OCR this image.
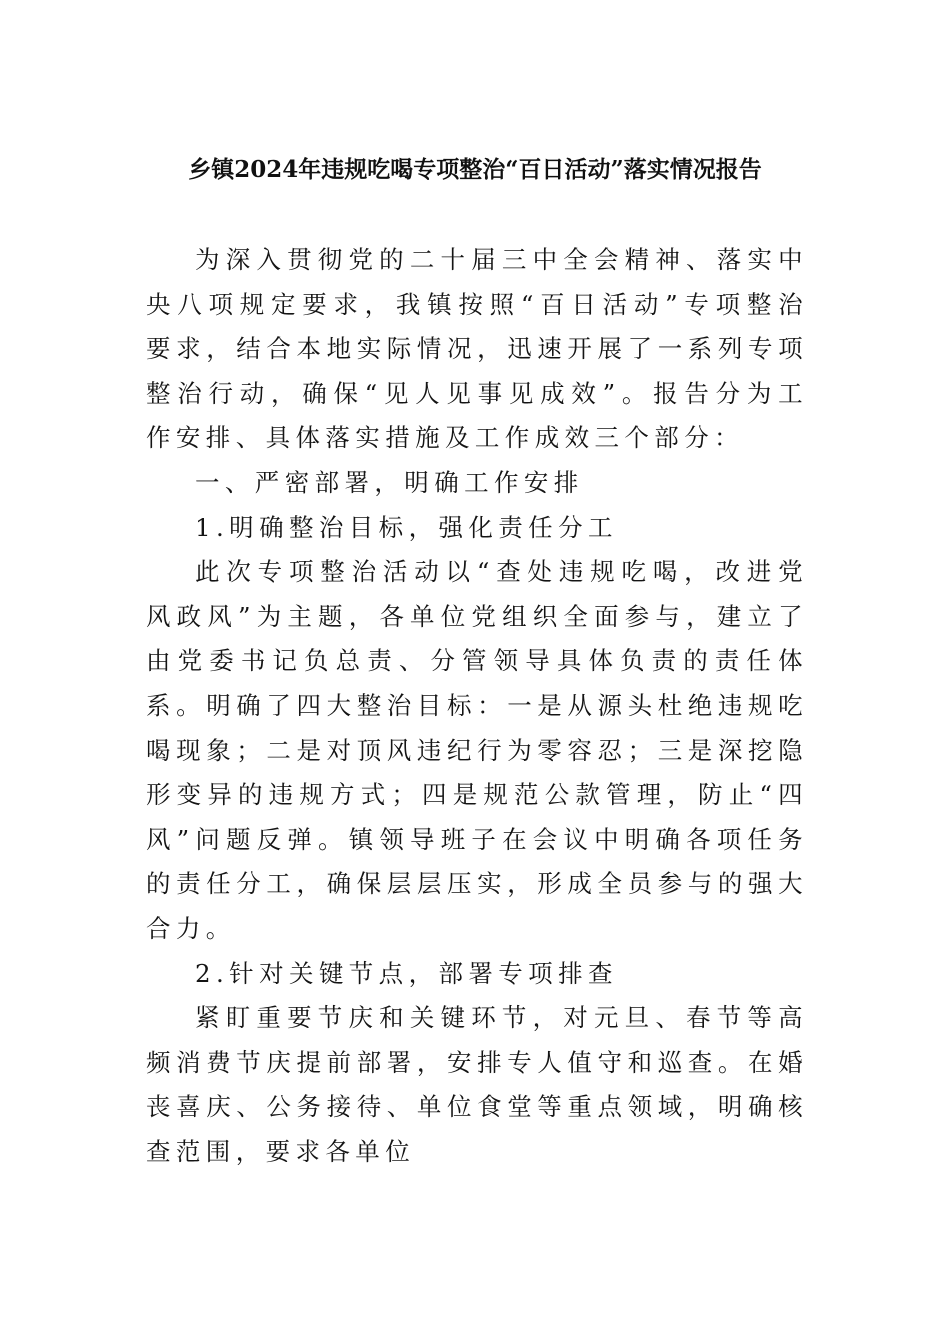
乡镇2024年违规吃喝专项整治“百日活动”落实情况报告

为深入贯彻党的二十届三中全会精神、落实中央八项规定要求，我镇按照“百日活动”专项整治要求，结合本地实际情况，迅速开展了一系列专项整治行动，确保“见人见事见成效”。报告分为工作安排、具体落实措施及工作成效三个部分：

一、严密部署，明确工作安排

1.明确整治目标，强化责任分工

此次专项整治活动以“查处违规吃喝，改进党风政风”为主题，各单位党组织全面参与，建立了由党委书记负总责、分管领导具体负责的责任体系。明确了四大整治目标：一是从源头杜绝违规吃喝现象；二是对顶风违纪行为零容忍；三是深挖隐形变异的违规方式；四是规范公款管理，防止“四风”问题反弹。镇领导班子在会议中明确各项任务的责任分工，确保层层压实，形成全员参与的强大合力。

2.针对关键节点，部署专项排查

紧盯重要节庆和关键环节，对元旦、春节等高频消费节庆提前部署，安排专人值守和巡查。在婚丧喜庆、公务接待、单位食堂等重点领域，明确核查范围，要求各单位
